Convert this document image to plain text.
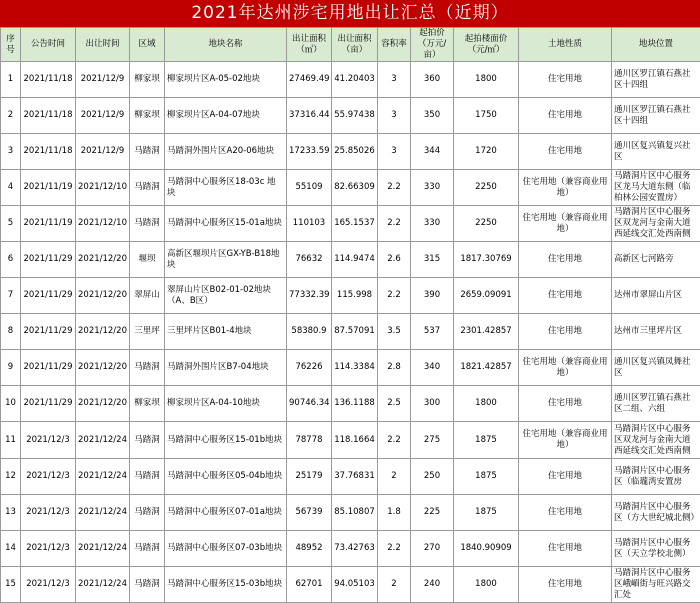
2021年达州涉宅用地出让汇总（近期）
序号	公告时间	出让时间	区域	地块名称	出让面积（㎡）	出让面积（亩）	容积率	起拍价（万元/亩）	起拍楼面价（元/㎡）	土地性质	地块位置
1	2021/11/18	2021/12/9	柳家坝	柳家坝片区A-05-02地块	27469.49	41.20403	3	360	1800	住宅用地	通川区罗江镇石燕社区十四组
2	2021/11/18	2021/12/9	柳家坝	柳家坝片区A-04-07地块	37316.44	55.97438	3	350	1750	住宅用地	通川区罗江镇石燕社区十四组
3	2021/11/18	2021/12/9	马踏洞	马踏洞外围片区A20-06地块	17233.59	25.85026	3	344	1720	住宅用地	通川区复兴镇复兴社区
4	2021/11/19	2021/12/10	马踏洞	马踏洞中心服务区18-03c 地块	55109	82.66309	2.2	330	2250	住宅用地（兼容商业用地）	马踏洞片区中心服务区龙马大道东侧（临柏林公园安置房）
5	2021/11/19	2021/12/10	马踏洞	马踏洞中心服务区15-01a地块	110103	165.1537	2.2	330	2250	住宅用地（兼容商业用地）	马踏洞片区中心服务区双龙河与金南大道西延线交汇处西南侧
6	2021/11/29	2021/12/20	堰坝	高新区堰坝片区GX-YB-B18地块	76632	114.9474	2.6	315	1817.30769	住宅用地	高新区七河路旁
7	2021/11/29	2021/12/20	翠屏山	翠屏山片区B02-01-02地块（A、B区）	77332.39	115.998	2.2	390	2659.09091	住宅用地	达州市翠屏山片区
8	2021/11/29	2021/12/20	三里坪	三里坪片区B01-4地块	58380.9	87.57091	3.5	537	2301.42857	住宅用地	达州市三里坪片区
9	2021/11/29	2021/12/20	马踏洞	马踏洞外围片区B7-04地块	76226	114.3384	2.8	340	1821.42857	住宅用地（兼容商业用地）	通川区复兴镇凤舞社区
10	2021/11/29	2021/12/20	柳家坝	柳家坝片区A-04-10地块	90746.34	136.1188	2.5	300	1800	住宅用地	通川区罗江镇石燕社区二组、六组
11	2021/12/3	2021/12/24	马踏洞	马踏洞中心服务区15-01b地块	78778	118.1664	2.2	275	1875	住宅用地（兼容商业用地）	马踏洞片区中心服务区双龙河与金南大道西延线交汇处西南侧
12	2021/12/3	2021/12/24	马踏洞	马踏洞中心服务区05-04b地块	25179	37.76831	2	250	1875	住宅用地	马踏洞片区中心服务区（临瓏湾安置房
13	2021/12/3	2021/12/24	马踏洞	马踏洞中心服务区07-01a地块	56739	85.10807	1.8	225	1875	住宅用地	马踏洞片区中心服务区（方大世纪城北侧）
14	2021/12/3	2021/12/24	马踏洞	马踏洞中心服务区07-03b地块	48952	73.42763	2.2	270	1840.90909	住宅用地	马踏洞片区中心服务区（天立学校北侧）
15	2021/12/3	2021/12/24	马踏洞	马踏洞中心服务区15-03b地块	62701	94.05103	2	240	1800	住宅用地	马踏洞片区中心服务区峨嵋街与旺兴路交汇处
